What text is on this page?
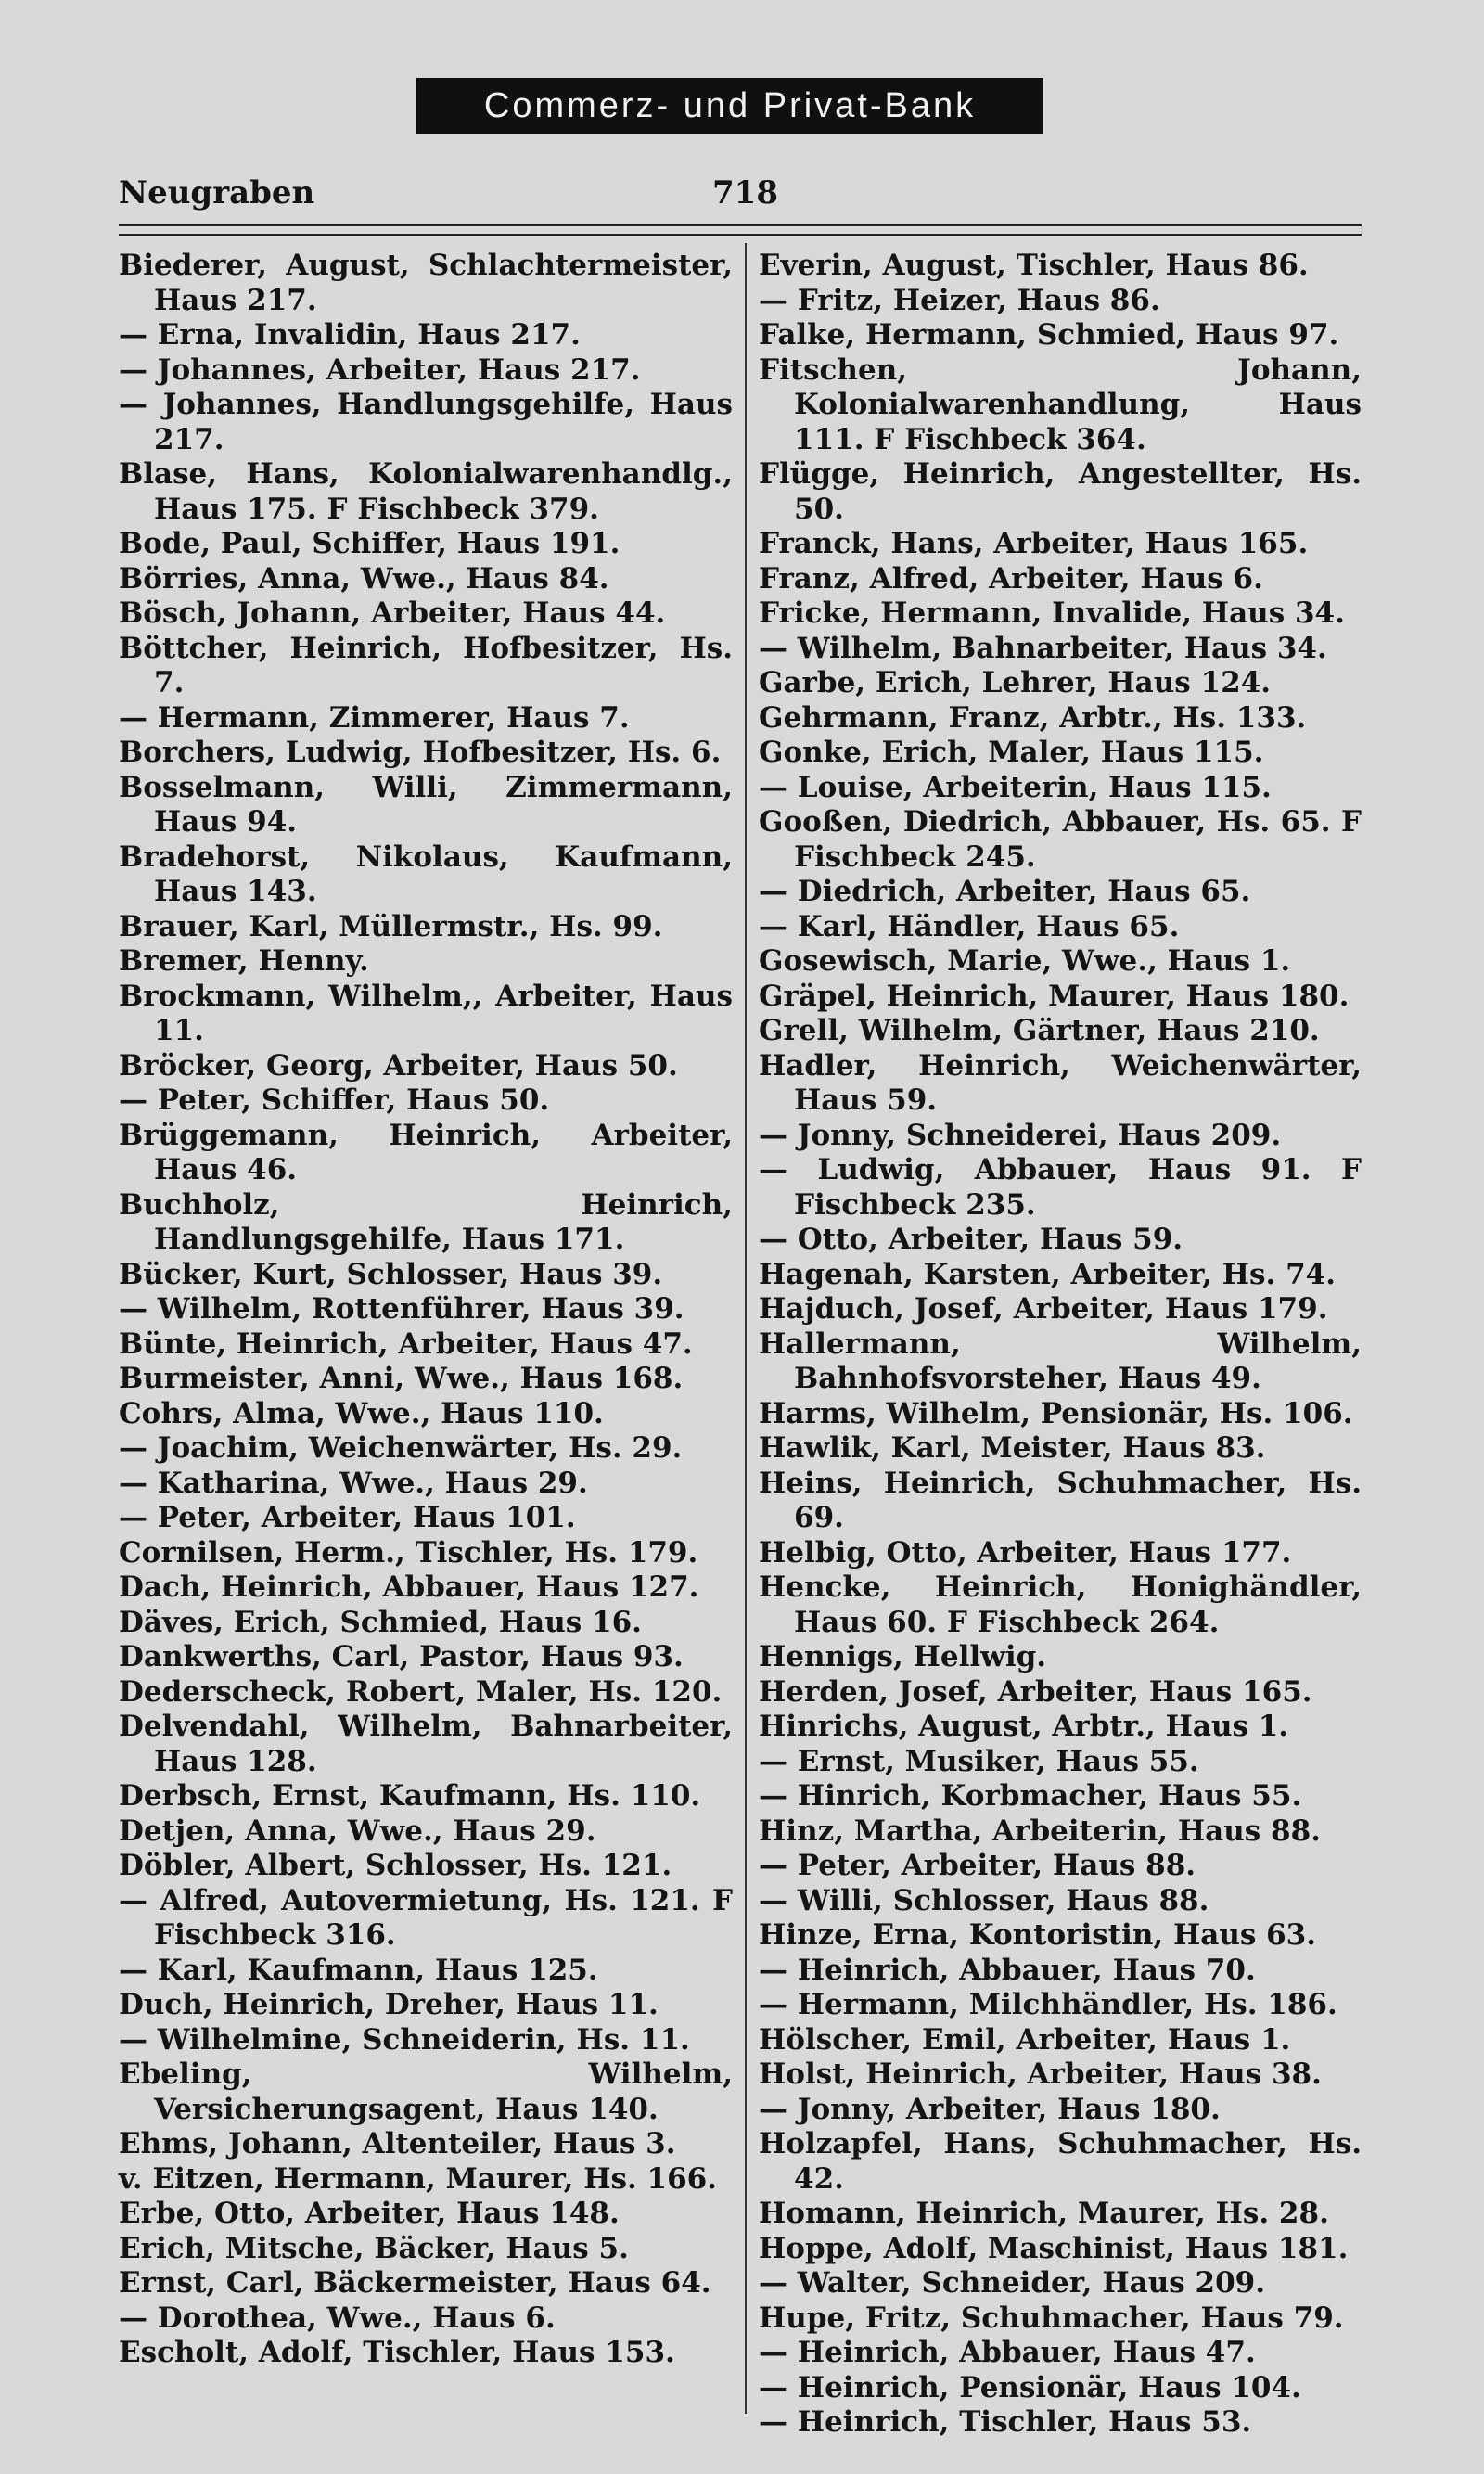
Commerz- und Privat-Bank
Neugraben	718
Biederer, August, Schlachtermeister, Haus 217.
— Erna, Invalidin, Haus 217.
— Johannes, Arbeiter, Haus 217.
— Johannes, Handlungsgehilfe, Haus 217.
Blase, Hans, Kolonialwarenhandlg., Haus 175. F Fischbeck 379.
Bode, Paul, Schiffer, Haus 191.
Börries, Anna, Wwe., Haus 84.
Bösch, Johann, Arbeiter, Haus 44.
Böttcher, Heinrich, Hofbesitzer, Hs. 7.
— Hermann, Zimmerer, Haus 7.
Borchers, Ludwig, Hofbesitzer, Hs. 6.
Bosselmann, Willi, Zimmermann, Haus 94.
Bradehorst, Nikolaus, Kaufmann, Haus 143.
Brauer, Karl, Müllermstr., Hs. 99.
Bremer, Henny.
Brockmann, Wilhelm,, Arbeiter, Haus 11.
Bröcker, Georg, Arbeiter, Haus 50.
— Peter, Schiffer, Haus 50.
Brüggemann, Heinrich, Arbeiter, Haus 46.
Buchholz, Heinrich, Handlungsgehilfe, Haus 171.
Bücker, Kurt, Schlosser, Haus 39.
— Wilhelm, Rottenführer, Haus 39.
Bünte, Heinrich, Arbeiter, Haus 47.
Burmeister, Anni, Wwe., Haus 168.
Cohrs, Alma, Wwe., Haus 110.
— Joachim, Weichenwärter, Hs. 29.
— Katharina, Wwe., Haus 29.
— Peter, Arbeiter, Haus 101.
Cornilsen, Herm., Tischler, Hs. 179.
Dach, Heinrich, Abbauer, Haus 127.
Däves, Erich, Schmied, Haus 16.
Dankwerths, Carl, Pastor, Haus 93.
Dederscheck, Robert, Maler, Hs. 120.
Delvendahl, Wilhelm, Bahnarbeiter, Haus 128.
Derbsch, Ernst, Kaufmann, Hs. 110.
Detjen, Anna, Wwe., Haus 29.
Döbler, Albert, Schlosser, Hs. 121.
— Alfred, Autovermietung, Hs. 121. F Fischbeck 316.
— Karl, Kaufmann, Haus 125.
Duch, Heinrich, Dreher, Haus 11.
— Wilhelmine, Schneiderin, Hs. 11.
Ebeling, Wilhelm, Versicherungsagent, Haus 140.
Ehms, Johann, Altenteiler, Haus 3.
v. Eitzen, Hermann, Maurer, Hs. 166.
Erbe, Otto, Arbeiter, Haus 148.
Erich, Mitsche, Bäcker, Haus 5.
Ernst, Carl, Bäckermeister, Haus 64.
— Dorothea, Wwe., Haus 6.
Escholt, Adolf, Tischler, Haus 153.
Everin, August, Tischler, Haus 86.
— Fritz, Heizer, Haus 86.
Falke, Hermann, Schmied, Haus 97.
Fitschen, Johann, Kolonialwarenhandlung, Haus 111. F Fischbeck 364.
Flügge, Heinrich, Angestellter, Hs. 50.
Franck, Hans, Arbeiter, Haus 165.
Franz, Alfred, Arbeiter, Haus 6.
Fricke, Hermann, Invalide, Haus 34.
— Wilhelm, Bahnarbeiter, Haus 34.
Garbe, Erich, Lehrer, Haus 124.
Gehrmann, Franz, Arbtr., Hs. 133.
Gonke, Erich, Maler, Haus 115.
— Louise, Arbeiterin, Haus 115.
Gooßen, Diedrich, Abbauer, Hs. 65. F Fischbeck 245.
— Diedrich, Arbeiter, Haus 65.
— Karl, Händler, Haus 65.
Gosewisch, Marie, Wwe., Haus 1.
Gräpel, Heinrich, Maurer, Haus 180.
Grell, Wilhelm, Gärtner, Haus 210.
Hadler, Heinrich, Weichenwärter, Haus 59.
— Jonny, Schneiderei, Haus 209.
— Ludwig, Abbauer, Haus 91. F Fischbeck 235.
— Otto, Arbeiter, Haus 59.
Hagenah, Karsten, Arbeiter, Hs. 74.
Hajduch, Josef, Arbeiter, Haus 179.
Hallermann, Wilhelm, Bahnhofsvorsteher, Haus 49.
Harms, Wilhelm, Pensionär, Hs. 106.
Hawlik, Karl, Meister, Haus 83.
Heins, Heinrich, Schuhmacher, Hs. 69.
Helbig, Otto, Arbeiter, Haus 177.
Hencke, Heinrich, Honighändler, Haus 60. F Fischbeck 264.
Hennigs, Hellwig.
Herden, Josef, Arbeiter, Haus 165.
Hinrichs, August, Arbtr., Haus 1.
— Ernst, Musiker, Haus 55.
— Hinrich, Korbmacher, Haus 55.
Hinz, Martha, Arbeiterin, Haus 88.
— Peter, Arbeiter, Haus 88.
— Willi, Schlosser, Haus 88.
Hinze, Erna, Kontoristin, Haus 63.
— Heinrich, Abbauer, Haus 70.
— Hermann, Milchhändler, Hs. 186.
Hölscher, Emil, Arbeiter, Haus 1.
Holst, Heinrich, Arbeiter, Haus 38.
— Jonny, Arbeiter, Haus 180.
Holzapfel, Hans, Schuhmacher, Hs. 42.
Homann, Heinrich, Maurer, Hs. 28.
Hoppe, Adolf, Maschinist, Haus 181.
— Walter, Schneider, Haus 209.
Hupe, Fritz, Schuhmacher, Haus 79.
— Heinrich, Abbauer, Haus 47.
— Heinrich, Pensionär, Haus 104.
— Heinrich, Tischler, Haus 53.
